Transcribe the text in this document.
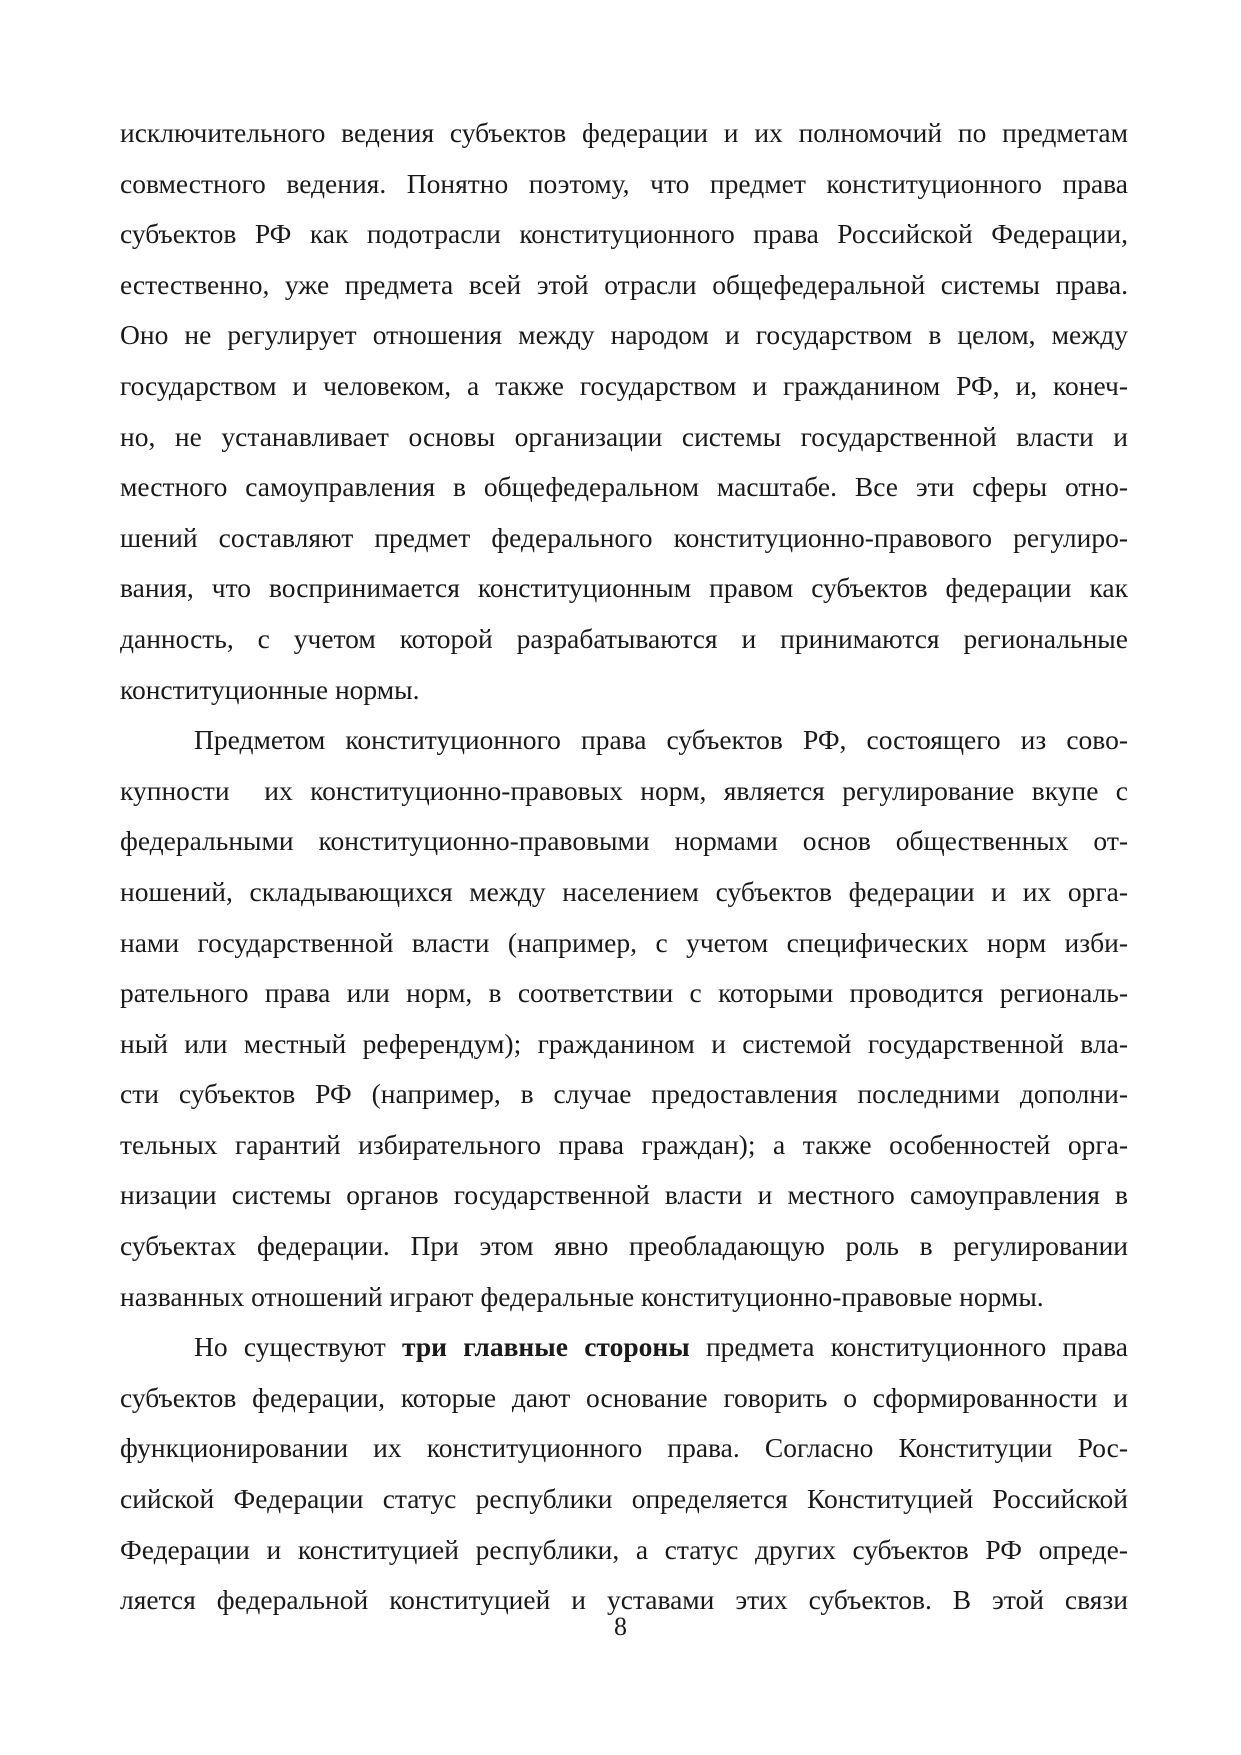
исключительного ведения субъектов федерации и их полномочий по предметам
совместного ведения. Понятно поэтому, что предмет конституционного права
субъектов РФ как подотрасли конституционного права Российской Федерации,
естественно, уже предмета всей этой отрасли общефедеральной системы права.
Оно не регулирует отношения между народом и государством в целом, между
государством и человеком, а также государством и гражданином РФ, и, конеч-
но, не устанавливает основы организации системы государственной власти и
местного самоуправления в общефедеральном масштабе. Все эти сферы отно-
шений составляют предмет федерального конституционно-правового регулиро-
вания, что воспринимается конституционным правом субъектов федерации как
данность, с учетом которой разрабатываются и принимаются региональные
конституционные нормы.

Предметом конституционного права субъектов РФ, состоящего из сово-
купности  их конституционно-правовых норм, является регулирование вкупе с
федеральными конституционно-правовыми нормами основ общественных от-
ношений, складывающихся между населением субъектов федерации и их орга-
нами государственной власти (например, с учетом специфических норм изби-
рательного права или норм, в соответствии с которыми проводится региональ-
ный или местный референдум); гражданином и системой государственной вла-
сти субъектов РФ (например, в случае предоставления последними дополни-
тельных гарантий избирательного права граждан); а также особенностей орга-
низации системы органов государственной власти и местного самоуправления в
субъектах федерации. При этом явно преобладающую роль в регулировании
названных отношений играют федеральные конституционно-правовые нормы.

Но существуют три главные стороны предмета конституционного права
субъектов федерации, которые дают основание говорить о сформированности и
функционировании их конституционного права. Согласно Конституции Рос-
сийской Федерации статус республики определяется Конституцией Российской
Федерации и конституцией республики, а статус других субъектов РФ опреде-
ляется федеральной конституцией и уставами этих субъектов. В этой связи

8
